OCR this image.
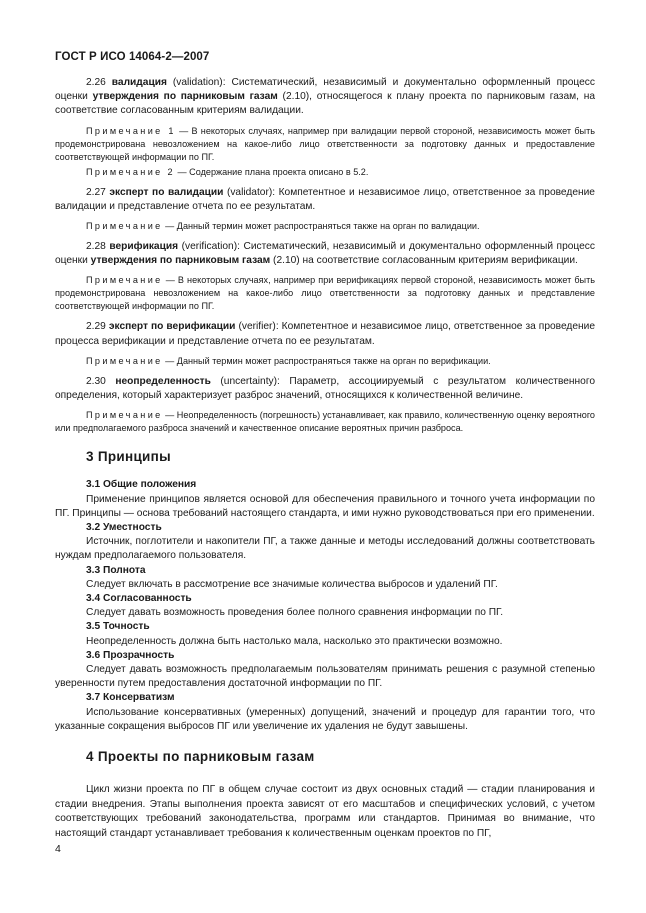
ГОСТ Р ИСО 14064-2—2007

2.26 валидация (validation): Систематический, независимый и документально оформленный процесс оценки утверждения по парниковым газам (2.10), относящегося к плану проекта по парниковым газам, на соответствие согласованным критериям валидации.

Примечание 1 — В некоторых случаях, например при валидации первой стороной, независимость может быть продемонстрирована невозложением на какое-либо лицо ответственности за подготовку данных и предоставление соответствующей информации по ПГ.

Примечание 2 — Содержание плана проекта описано в 5.2.

2.27 эксперт по валидации (validator): Компетентное и независимое лицо, ответственное за проведение валидации и представление отчета по ее результатам.

Примечание — Данный термин может распространяться также на орган по валидации.

2.28 верификация (verification): Систематический, независимый и документально оформленный процесс оценки утверждения по парниковым газам (2.10) на соответствие согласованным критериям верификации.

Примечание — В некоторых случаях, например при верификациях первой стороной, независимость может быть продемонстрирована невозложением на какое-либо лицо ответственности за подготовку данных и представление соответствующей информации по ПГ.

2.29 эксперт по верификации (verifier): Компетентное и независимое лицо, ответственное за проведение процесса верификации и представление отчета по ее результатам.

Примечание — Данный термин может распространяться также на орган по верификации.

2.30 неопределенность (uncertainty): Параметр, ассоциируемый с результатом количественного определения, который характеризует разброс значений, относящихся к количественной величине.

Примечание — Неопределенность (погрешность) устанавливает, как правило, количественную оценку вероятного или предполагаемого разброса значений и качественное описание вероятных причин разброса.

3 Принципы

3.1 Общие положения

Применение принципов является основой для обеспечения правильного и точного учета информации по ПГ. Принципы — основа требований настоящего стандарта, и ими нужно руководствоваться при его применении.

3.2 Уместность

Источник, поглотители и накопители ПГ, а также данные и методы исследований должны соответствовать нуждам предполагаемого пользователя.

3.3 Полнота

Следует включать в рассмотрение все значимые количества выбросов и удалений ПГ.

3.4 Согласованность

Следует давать возможность проведения более полного сравнения информации по ПГ.

3.5 Точность

Неопределенность должна быть настолько мала, насколько это практически возможно.

3.6 Прозрачность

Следует давать возможность предполагаемым пользователям принимать решения с разумной степенью уверенности путем предоставления достаточной информации по ПГ.

3.7 Консерватизм

Использование консервативных (умеренных) допущений, значений и процедур для гарантии того, что указанные сокращения выбросов ПГ или увеличение их удаления не будут завышены.

4 Проекты по парниковым газам

Цикл жизни проекта по ПГ в общем случае состоит из двух основных стадий — стадии планирования и стадии внедрения. Этапы выполнения проекта зависят от его масштабов и специфических условий, с учетом соответствующих требований законодательства, программ или стандартов. Принимая во внимание, что настоящий стандарт устанавливает требования к количественным оценкам проектов по ПГ,

4
